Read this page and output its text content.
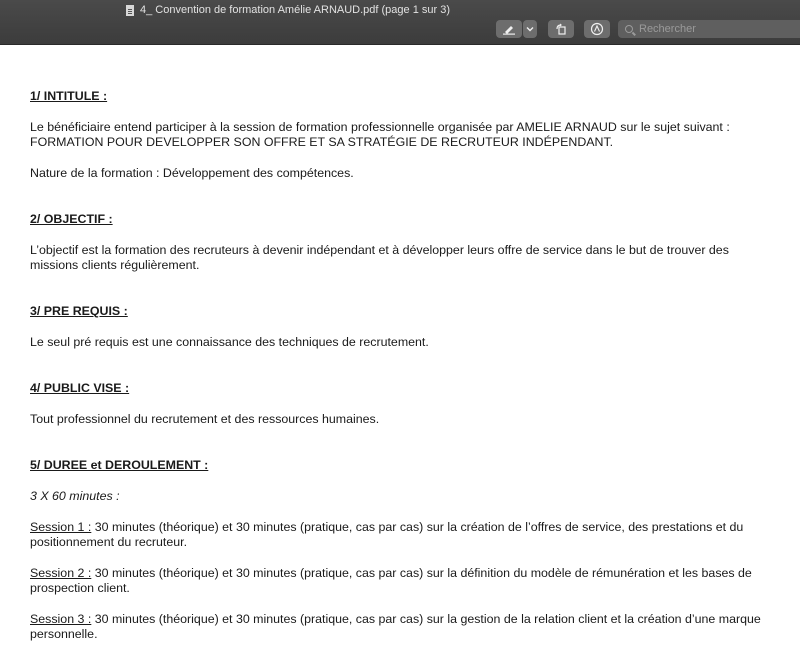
4_ Convention de formation Amélie ARNAUD.pdf (page 1 sur 3)
Rechercher
1/ INTITULE :

Le bénéficiaire entend participer à la session de formation professionnelle organisée par AMELIE ARNAUD sur le sujet suivant : FORMATION POUR DEVELOPPER SON OFFRE ET SA STRATÉGIE DE RECRUTEUR INDÉPENDANT.

Nature de la formation : Développement des compétences.

2/ OBJECTIF :

L’objectif est la formation des recruteurs à devenir indépendant et à développer leurs offre de service dans le but de trouver des missions clients régulièrement.

3/ PRE REQUIS :

Le seul pré requis est une connaissance des techniques de recrutement.

4/ PUBLIC VISE :

Tout professionnel du recrutement et des ressources humaines.

5/ DUREE et DEROULEMENT :

3 X 60 minutes :

Session 1 : 30 minutes (théorique) et 30 minutes (pratique, cas par cas) sur la création de l’offres de service, des prestations et du positionnement du recruteur.

Session 2 : 30 minutes (théorique) et 30 minutes (pratique, cas par cas) sur la définition du modèle de rémunération et les bases de prospection client.

Session 3 : 30 minutes (théorique) et 30 minutes (pratique, cas par cas) sur la gestion de la relation client et la création d’une marque personnelle.
